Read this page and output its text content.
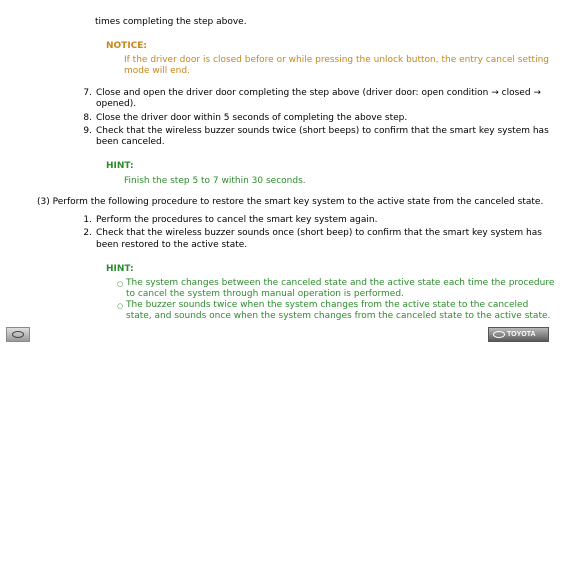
times completing the step above.
NOTICE:
If the driver door is closed before or while pressing the unlock button, the entry cancel setting
mode will end.
7. Close and open the driver door completing the step above (driver door: open condition → closed →
opened).
8. Close the driver door within 5 seconds of completing the above step.
9. Check that the wireless buzzer sounds twice (short beeps) to confirm that the smart key system has
been canceled.
HINT:
Finish the step 5 to 7 within 30 seconds.
(3) Perform the following procedure to restore the smart key system to the active state from the canceled state.
1. Perform the procedures to cancel the smart key system again.
2. Check that the wireless buzzer sounds once (short beep) to confirm that the smart key system has
been restored to the active state.
HINT:
○ The system changes between the canceled state and the active state each time the procedure
to cancel the system through manual operation is performed.
○ The buzzer sounds twice when the system changes from the active state to the canceled
state, and sounds once when the system changes from the canceled state to the active state.
TOYOTA
